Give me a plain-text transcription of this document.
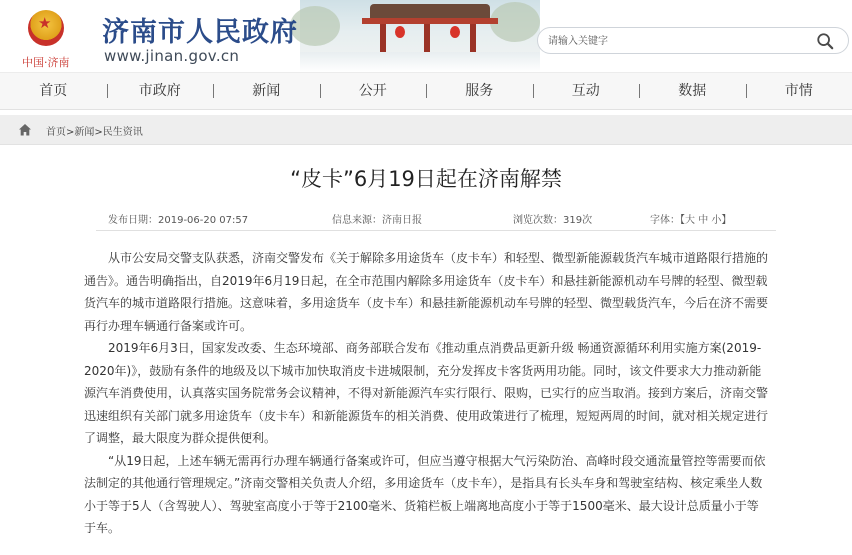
★
中国·济南
济南市人民政府
www.jinan.gov.cn
请输入关键字
首页	市政府	新闻	公开	服务	互动	数据	市情
首页>新闻>民生资讯
“皮卡”6月19日起在济南解禁
发布日期：2019-06-20 07:57	信息来源：济南日报	浏览次数：319次	字体：【大 中 小】

从市公安局交警支队获悉，济南交警发布《关于解除多用途货车（皮卡车）和轻型、微型新能源载货汽车城市道路限行措施的通告》。通告明确指出，自2019年6月19日起，在全市范围内解除多用途货车（皮卡车）和悬挂新能源机动车号牌的轻型、微型载货汽车的城市道路限行措施。这意味着，多用途货车（皮卡车）和悬挂新能源机动车号牌的轻型、微型载货汽车，今后在济不需要再行办理车辆通行备案或许可。

2019年6月3日，国家发改委、生态环境部、商务部联合发布《推动重点消费品更新升级 畅通资源循环利用实施方案(2019-2020年)》，鼓励有条件的地级及以下城市加快取消皮卡进城限制，充分发挥皮卡客货两用功能。同时，该文件要求大力推动新能源汽车消费使用，认真落实国务院常务会议精神，不得对新能源汽车实行限行、限购，已实行的应当取消。接到方案后，济南交警迅速组织有关部门就多用途货车（皮卡车）和新能源货车的相关消费、使用政策进行了梳理，短短两周的时间，就对相关规定进行了调整，最大限度为群众提供便利。

“从19日起，上述车辆无需再行办理车辆通行备案或许可，但应当遵守根据大气污染防治、高峰时段交通流量管控等需要而依法制定的其他通行管理规定。”济南交警相关负责人介绍，多用途货车（皮卡车），是指具有长头车身和驾驶室结构、核定乘坐人数小于等于5人（含驾驶人）、驾驶室高度小于等于2100毫米、货箱栏板上端离地高度小于等于1500毫米、最大设计总质量小于等于车。
